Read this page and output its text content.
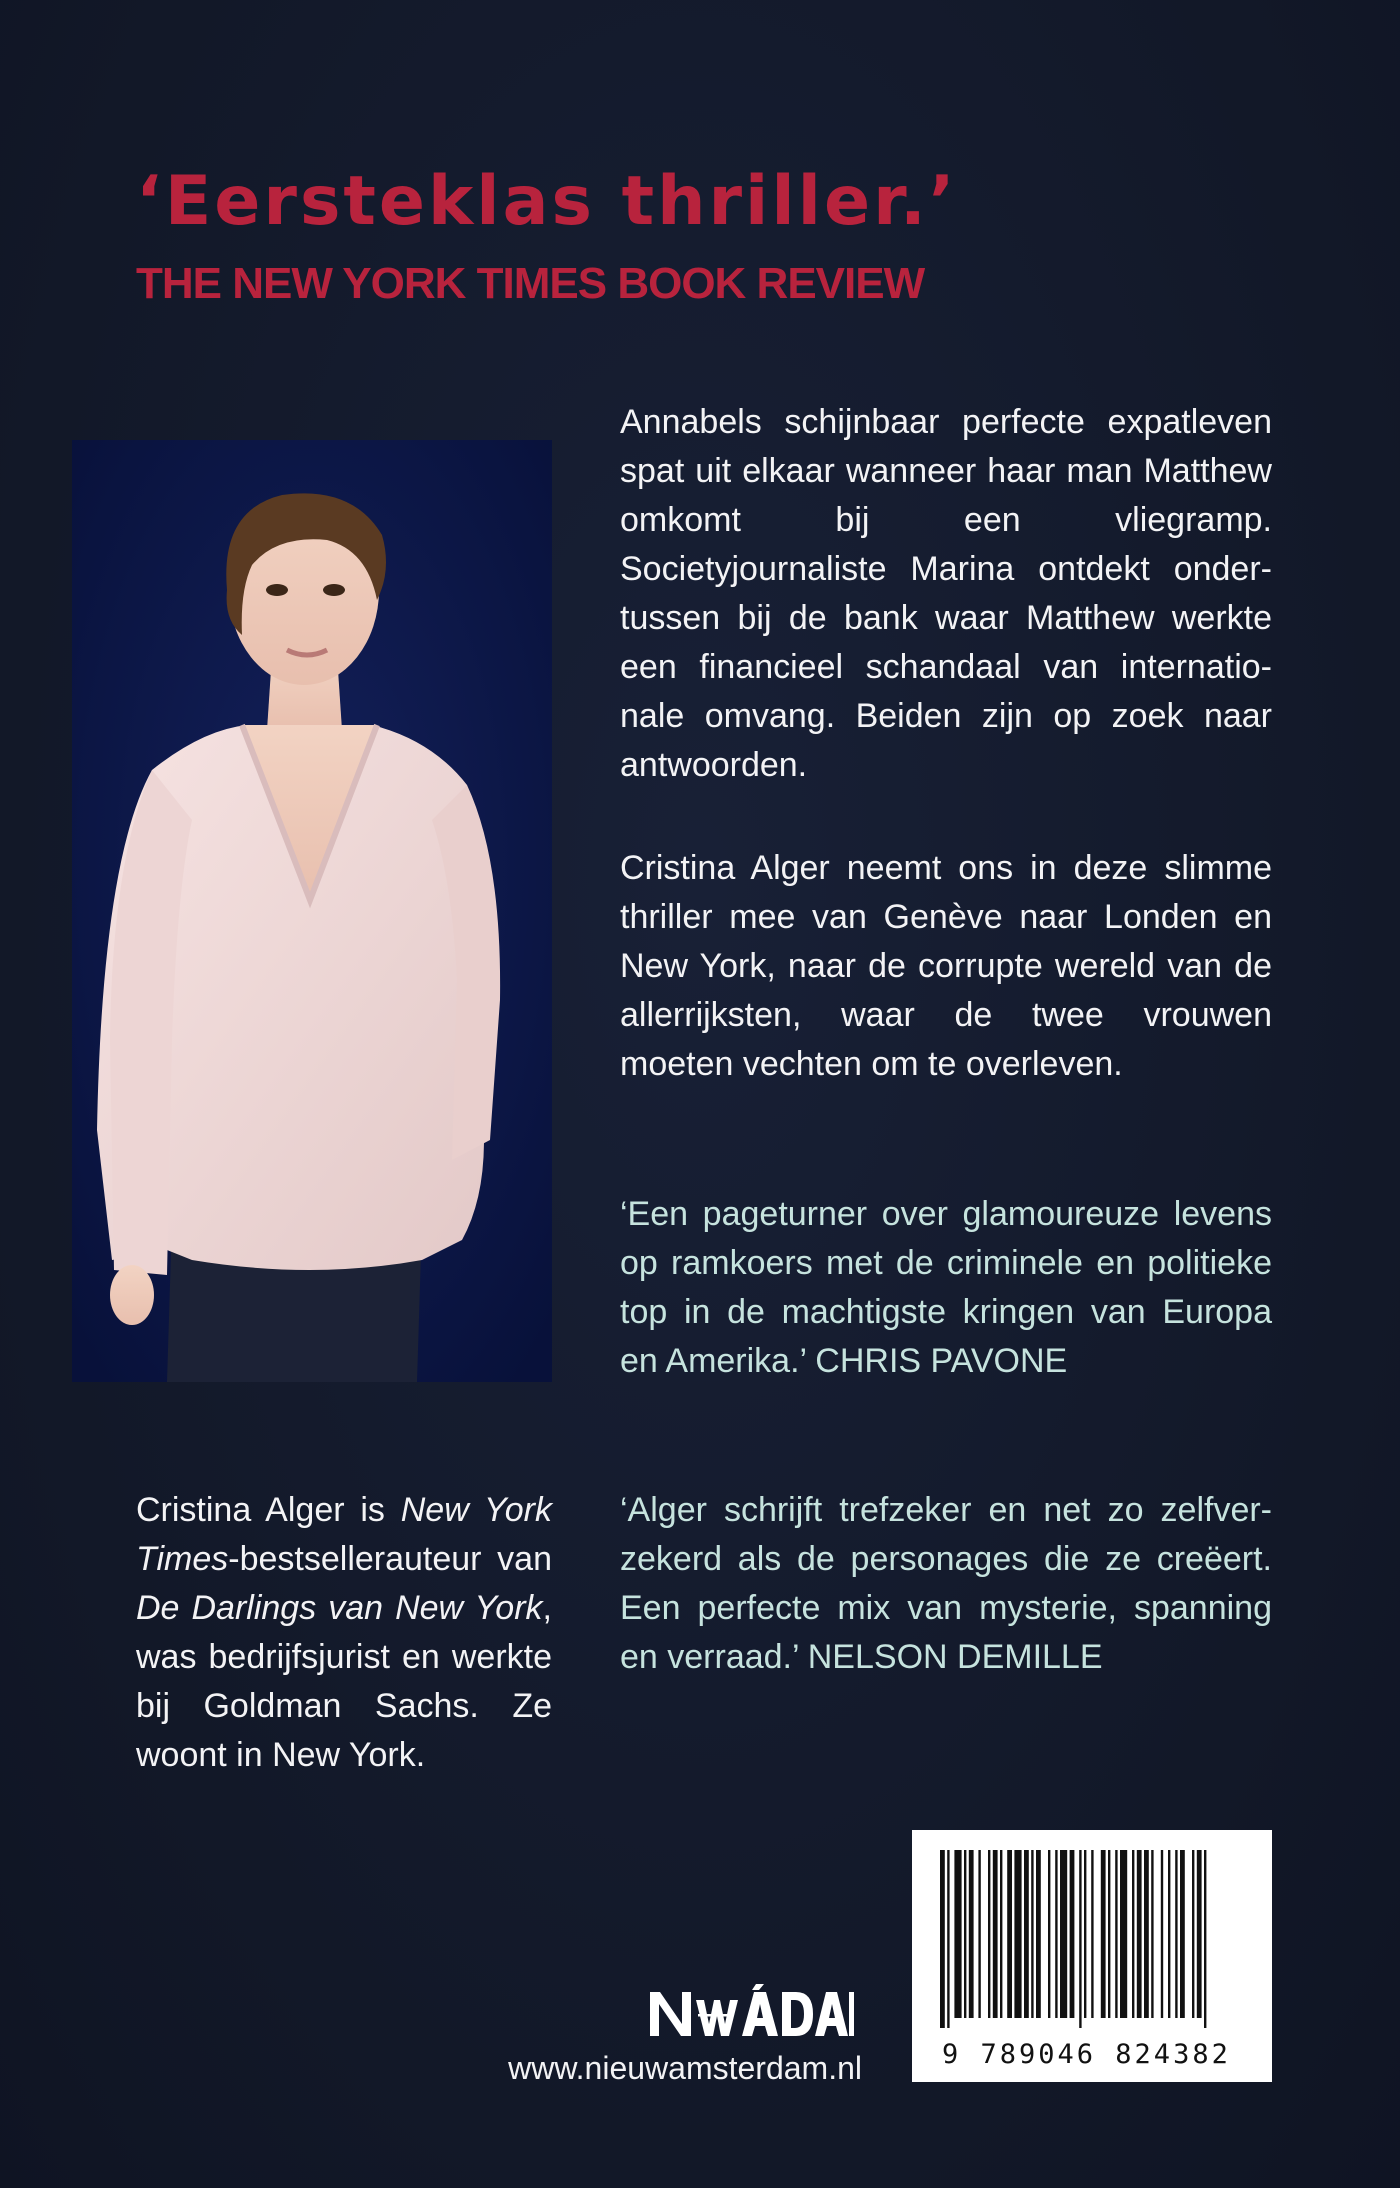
‘Eersteklas thriller.’
THE NEW YORK TIMES BOOK REVIEW

Annabels schijnbaar perfecte expatleven spat uit elkaar wanneer haar man Matthew omkomt bij een vliegramp. Societyjournaliste Marina ontdekt ondertussen bij de bank waar Matthew werkte een financieel schandaal van internationale omvang. Beiden zijn op zoek naar antwoorden.

Cristina Alger neemt ons in deze slimme thriller mee van Genève naar Londen en New York, naar de corrupte wereld van de allerrijksten, waar de twee vrouwen moeten vechten om te overleven.

‘Een pageturner over glamoureuze levens op ramkoers met de criminele en politieke top in de machtigste kringen van Europa en Amerika.’ CHRIS PAVONE

‘Alger schrijft trefzeker en net zo zelfverzekerd als de personages die ze creëert. Een perfecte mix van mysterie, spanning en verraad.’ NELSON DEMILLE

Cristina Alger is New York Times-bestsellerauteur van De Darlings van New York, was bedrijfsjurist en werkte bij Goldman Sachs. Ze woont in New York.

www.nieuwamsterdam.nl	9 789046 824382
